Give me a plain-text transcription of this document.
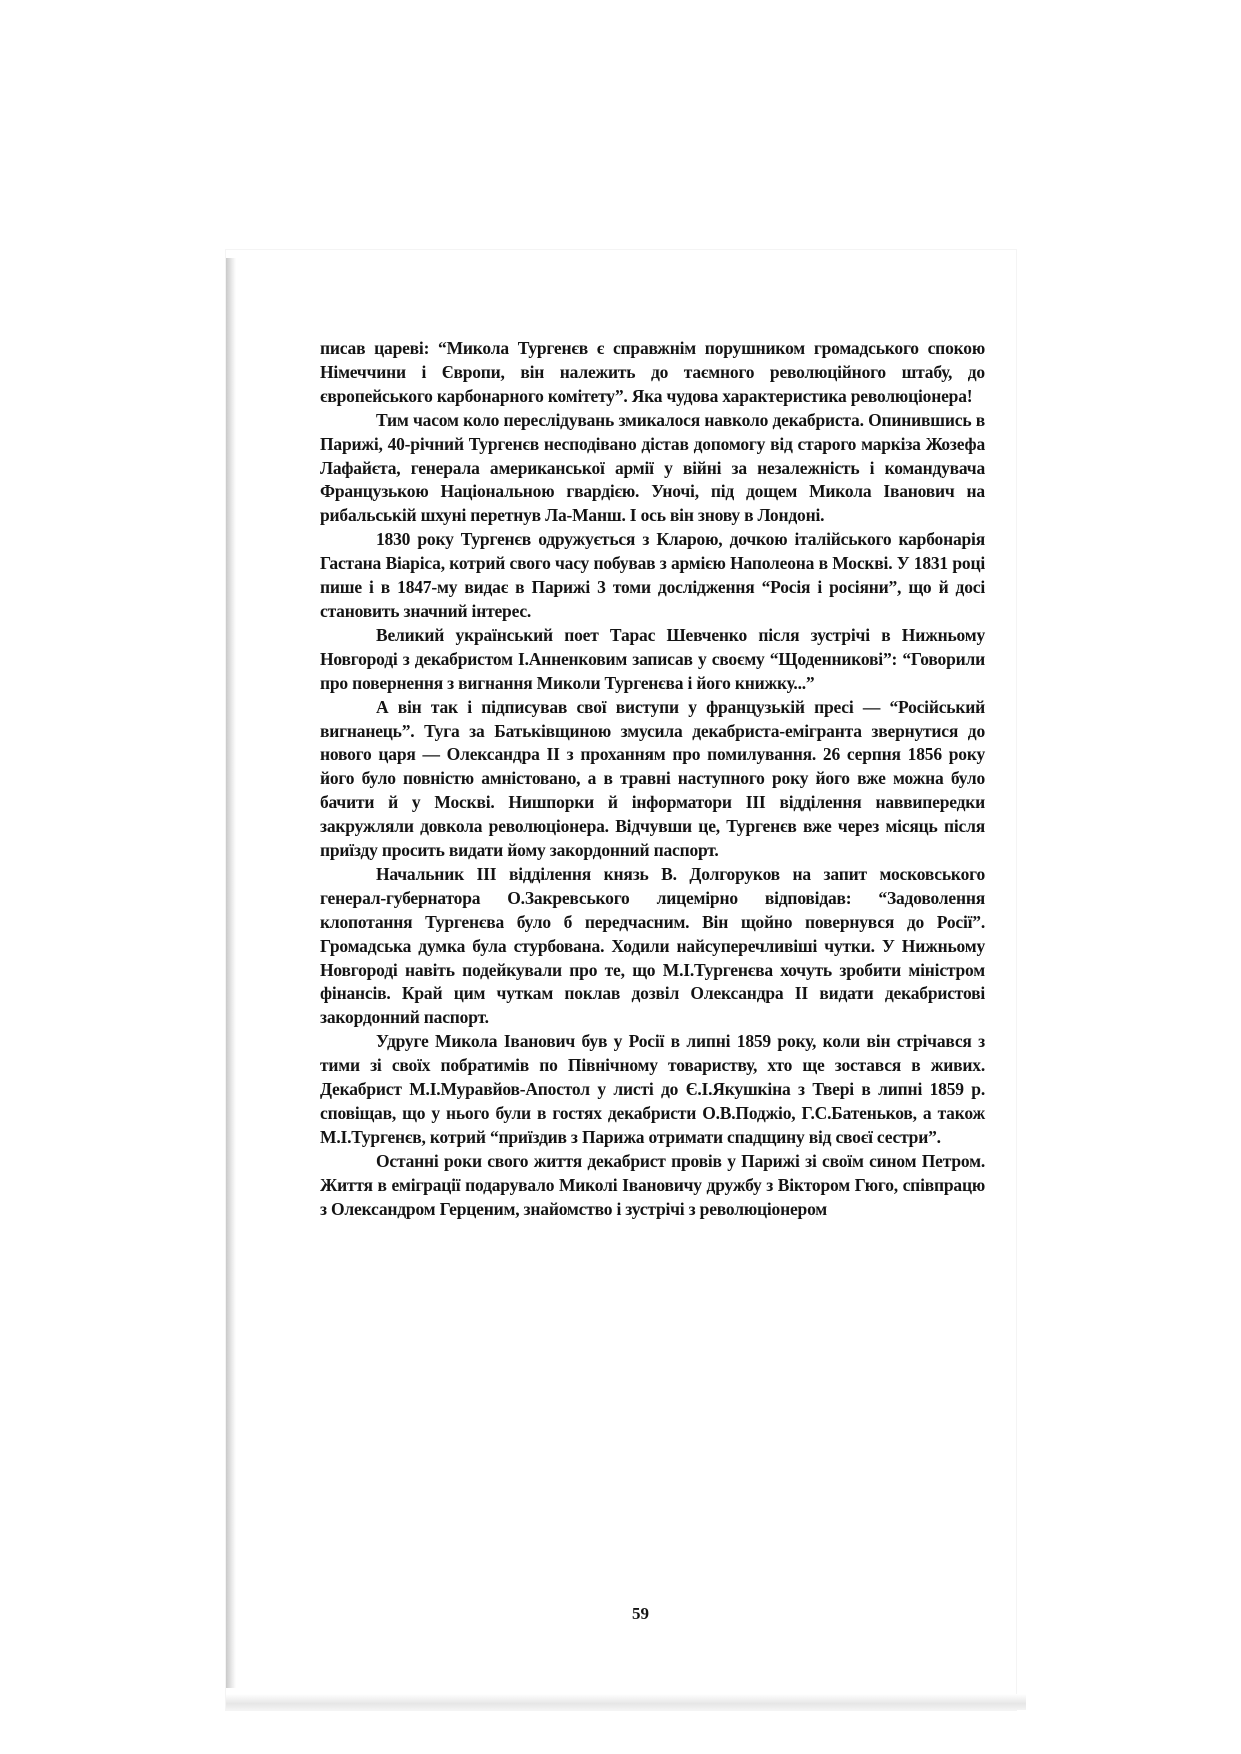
писав цареві: “Микола Тургенєв є справжнім порушником громадського спокою Німеччини і Європи, він належить до таємного революційного штабу, до європейського карбонарного комітету”. Яка чудова характеристика революціонера!

Тим часом коло переслідувань змикалося навколо декабриста. Опинившись в Парижі, 40-річний Тургенєв несподівано дістав допомогу від старого маркіза Жозефа Лафайєта, генерала американської армії у війні за незалежність і командувача Французькою Національною гвардією. Уночі, під дощем Микола Іванович на рибальській шхуні перетнув Ла-Манш. І ось він знову в Лондоні.

1830 року Тургенєв одружується з Кларою, дочкою італійського карбонарія Гастана Віаріса, котрий свого часу побував з армією Наполеона в Москві. У 1831 році пише і в 1847-му видає в Парижі 3 томи дослідження “Росія і росіяни”, що й досі становить значний інтерес.

Великий український поет Тарас Шевченко після зустрічі в Нижньому Новгороді з декабристом І.Анненковим записав у своєму “Щоденникові”: “Говорили про повернення з вигнання Миколи Тургенєва і його книжку...”

А він так і підписував свої виступи у французькій пресі — “Російський вигнанець”. Туга за Батьківщиною змусила декабриста-емігранта звернутися до нового царя — Олександра II з проханням про помилування. 26 серпня 1856 року його було повністю амністовано, а в травні наступного року його вже можна було бачити й у Москві. Нишпорки й інформатори III відділення наввипередки закружляли довкола революціонера. Відчувши це, Тургенєв вже через місяць після приїзду просить видати йому закордонний паспорт.

Начальник III відділення князь В. Долгоруков на запит московського генерал-губернатора О.Закревського лицемірно відповідав: “Задоволення клопотання Тургенєва було б передчасним. Він щойно повернувся до Росії”. Громадська думка була стурбована. Ходили найсуперечливіші чутки. У Нижньому Новгороді навіть подейкували про те, що М.І.Тургенєва хочуть зробити міністром фінансів. Край цим чуткам поклав дозвіл Олександра II видати декабристові закордонний паспорт.

Удруге Микола Іванович був у Росії в липні 1859 року, коли він стрічався з тими зі своїх побратимів по Північному товариству, хто ще зостався в живих. Декабрист М.І.Муравйов-Апостол у листі до Є.І.Якушкіна з Твері в липні 1859 р. сповіщав, що у нього були в гостях декабристи О.В.Поджіо, Г.С.Батеньков, а також М.І.Тургенєв, котрий “приїздив з Парижа отримати спадщину від своєї сестри”.

Останні роки свого життя декабрист провів у Парижі зі своїм сином Петром. Життя в еміграції подарувало Миколі Івановичу дружбу з Віктором Гюго, співпрацю з Олександром Герценим, знайомство і зустрічі з революціонером

59
